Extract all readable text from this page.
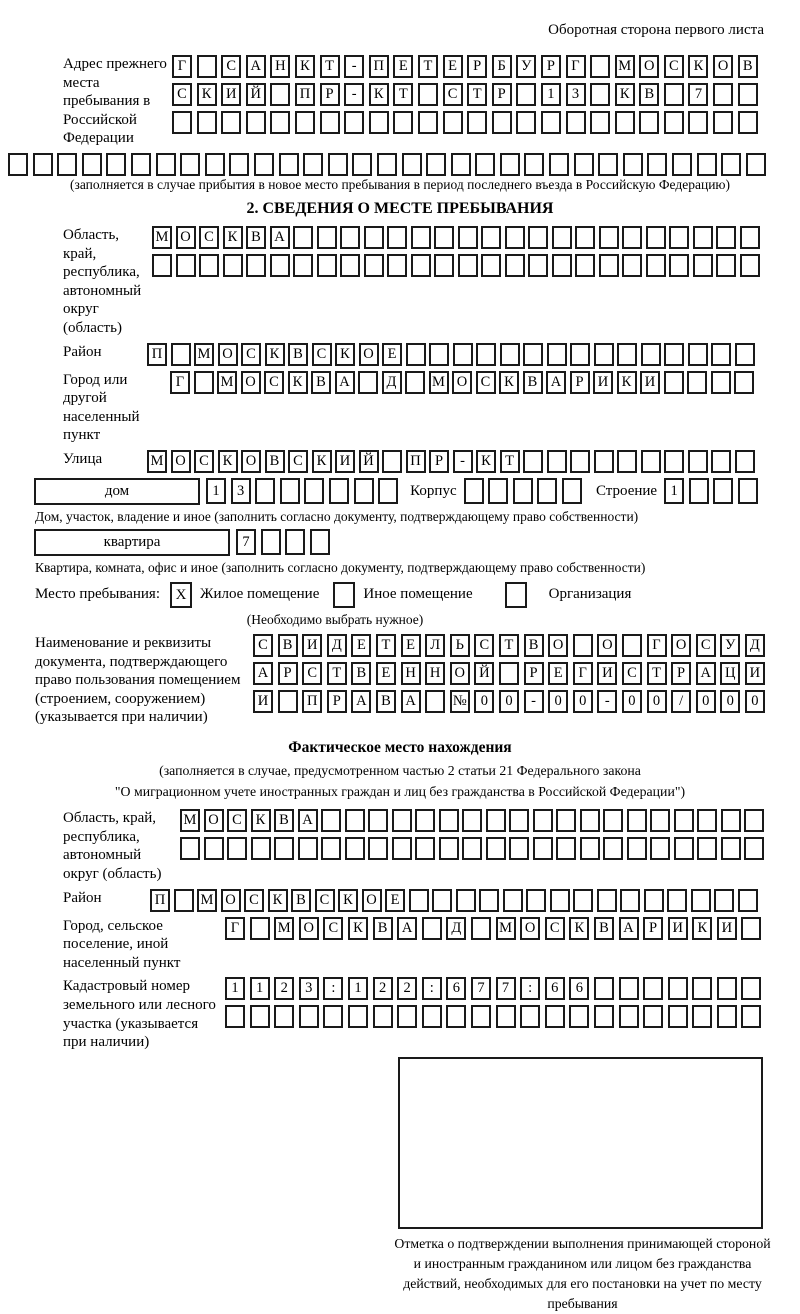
Оборотная сторона первого листа
Адрес прежнего места пребывания в Российской Федерации
Г	С	А Н	К	Т	-	П	Е	Т	Е	Р	Б	У	Р	Г	М О	С	К	О	В
С	К	И Й	П	Р	-	К	Т	С	Т	Р	1	3	К	В	7
(заполняется в случае прибытия в новое место пребывания в период последнего въезда в Российскую Федерацию)
2. СВЕДЕНИЯ О МЕСТЕ ПРЕБЫВАНИЯ
Область, край, республика, автономный округ (область)
М О С К В А
Район	П	М О С К В С К О Е
Город или другой населенный пункт
Г	М О С К В А	Д	М О С К В А Р И К И
Улица	М О С К О В С К И Й	П Р	-	К Т
дом	1	3	Корпус	Строение 1
Дом, участок, владение и иное (заполнить согласно документу, подтверждающему право собственности)
квартира	7
Квартира, комната, офис и иное (заполнить согласно документу, подтверждающему право собственности)
Место пребывания:	X Жилое помещение	Иное помещение	Организация
(Необходимо выбрать нужное)
Наименование и реквизиты документа, подтверждающего право пользования помещением (строением, сооружением) (указывается при наличии)
С	В	И Д	Е	Т	Е	Л	Ь	С	Т	В	О	О	Г	О	С	У	Д
А	Р	С	Т	В	Е	Н Н О Й	Р	Е	Г	И	С	Т	Р	А Ц И
И	П	Р	А	В	А	№ 0	0	-	0	0	-	0	0	/	0	0	0
Фактическое место нахождения
(заполняется в случае, предусмотренном частью 2 статьи 21 Федерального закона
"О миграционном учете иностранных граждан и лиц без гражданства в Российской Федерации")
Область, край, республика, автономный округ (область)
М О С К В А
Район	П	М О С К В С К О Е
Город, сельское поселение, иной населенный пункт
Г	М О	С	К	В	А	Д	М О	С	К	В	А	Р	И	К	И
Кадастровый номер земельного или лесного участка (указывается при наличии)
1	1	2	3	:	1	2	2	:	6	7	7	:	6	6
Отметка о подтверждении выполнения принимающей стороной и иностранным гражданином или лицом без гражданства действий, необходимых для его постановки на учет по месту пребывания
